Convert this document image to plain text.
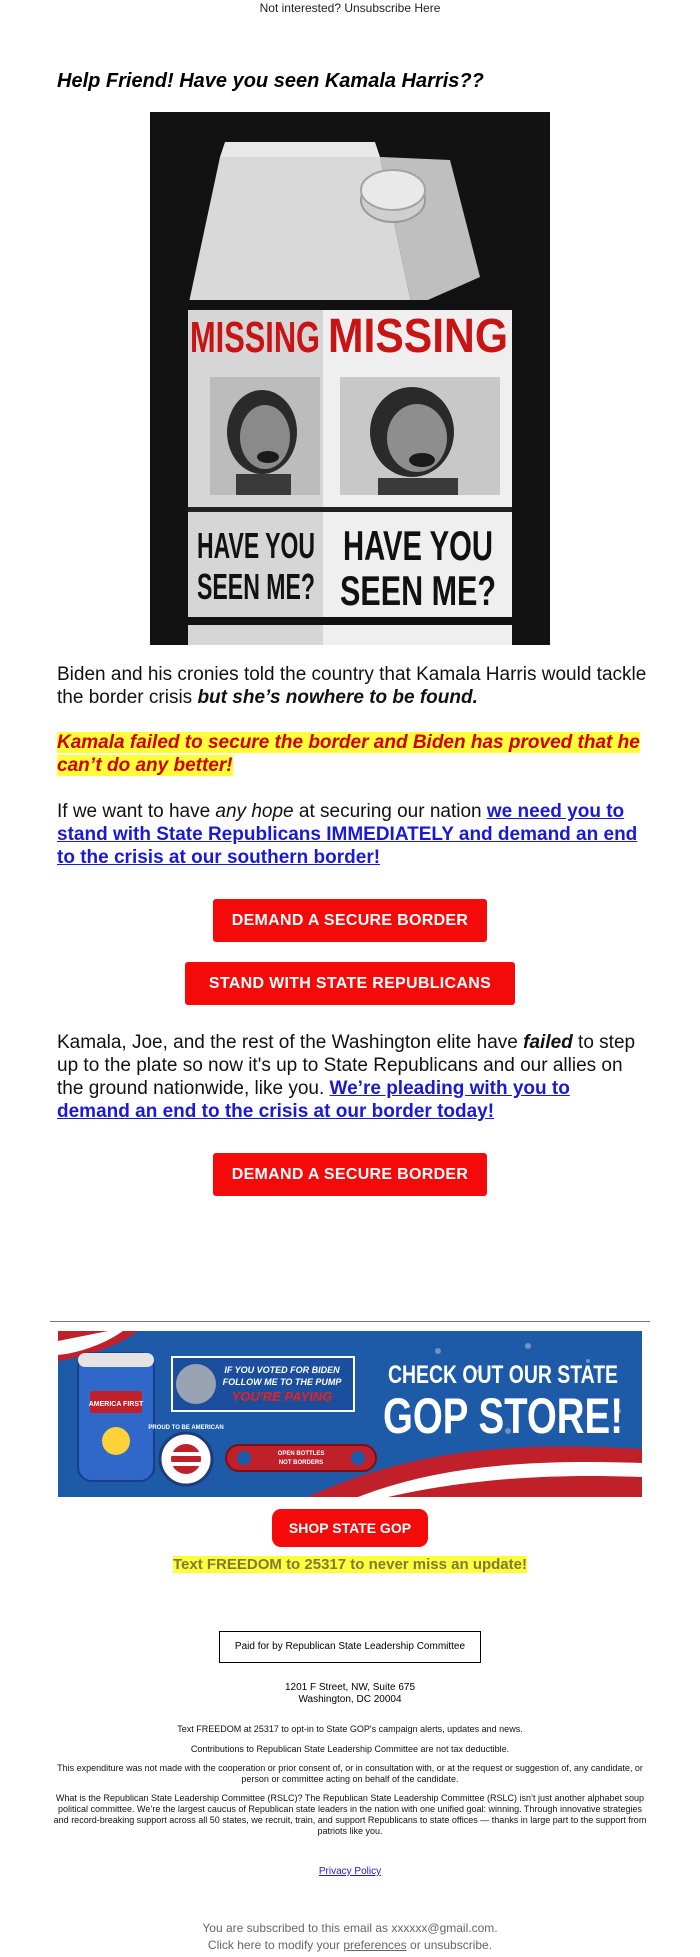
Not interested? Unsubscribe Here
Help Friend! Have you seen Kamala Harris??
MISSING MISSING
HAVE YOU
SEEN ME?
HAVE YOU
SEEN ME?
Biden and his cronies told the country that Kamala Harris would tackle the border crisis but she’s nowhere to be found.
Kamala failed to secure the border and Biden has proved that he can’t do any better!
If we want to have any hope at securing our nation we need you to stand with State Republicans IMMEDIATELY and demand an end to the crisis at our southern border!
DEMAND A SECURE BORDER
STAND WITH STATE REPUBLICANS
Kamala, Joe, and the rest of the Washington elite have failed to step up to the plate so now it's up to State Republicans and our allies on the ground nationwide, like you. We’re pleading with you to demand an end to the crisis at our border today!
DEMAND A SECURE BORDER
AMERICA FIRST
IF YOU VOTED FOR BIDEN
FOLLOW ME TO THE PUMP
YOU'RE PAYING
PROUD TO BE AMERICAN
OPEN BOTTLES
NOT BORDERS
CHECK OUT OUR STATE
GOP STORE!
SHOP STATE GOP
Text FREEDOM to 25317 to never miss an update!
Paid for by Republican State Leadership Committee
1201 F Street, NW, Suite 675
Washington, DC 20004
Text FREEDOM at 25317 to opt-in to State GOP's campaign alerts, updates and news.
Contributions to Republican State Leadership Committee are not tax deductible.
This expenditure was not made with the cooperation or prior consent of, or in consultation with, or at the request or suggestion of, any candidate, or person or committee acting on behalf of the candidate.
What is the Republican State Leadership Committee (RSLC)? The Republican State Leadership Committee (RSLC) isn’t just another alphabet soup political committee. We’re the largest caucus of Republican state leaders in the nation with one unified goal: winning. Through innovative strategies and record-breaking support across all 50 states, we recruit, train, and support Republicans to state offices — thanks in large part to the support from patriots like you.
Privacy Policy
You are subscribed to this email as xxxxxx@gmail.com.
Click here to modify your preferences or unsubscribe.
